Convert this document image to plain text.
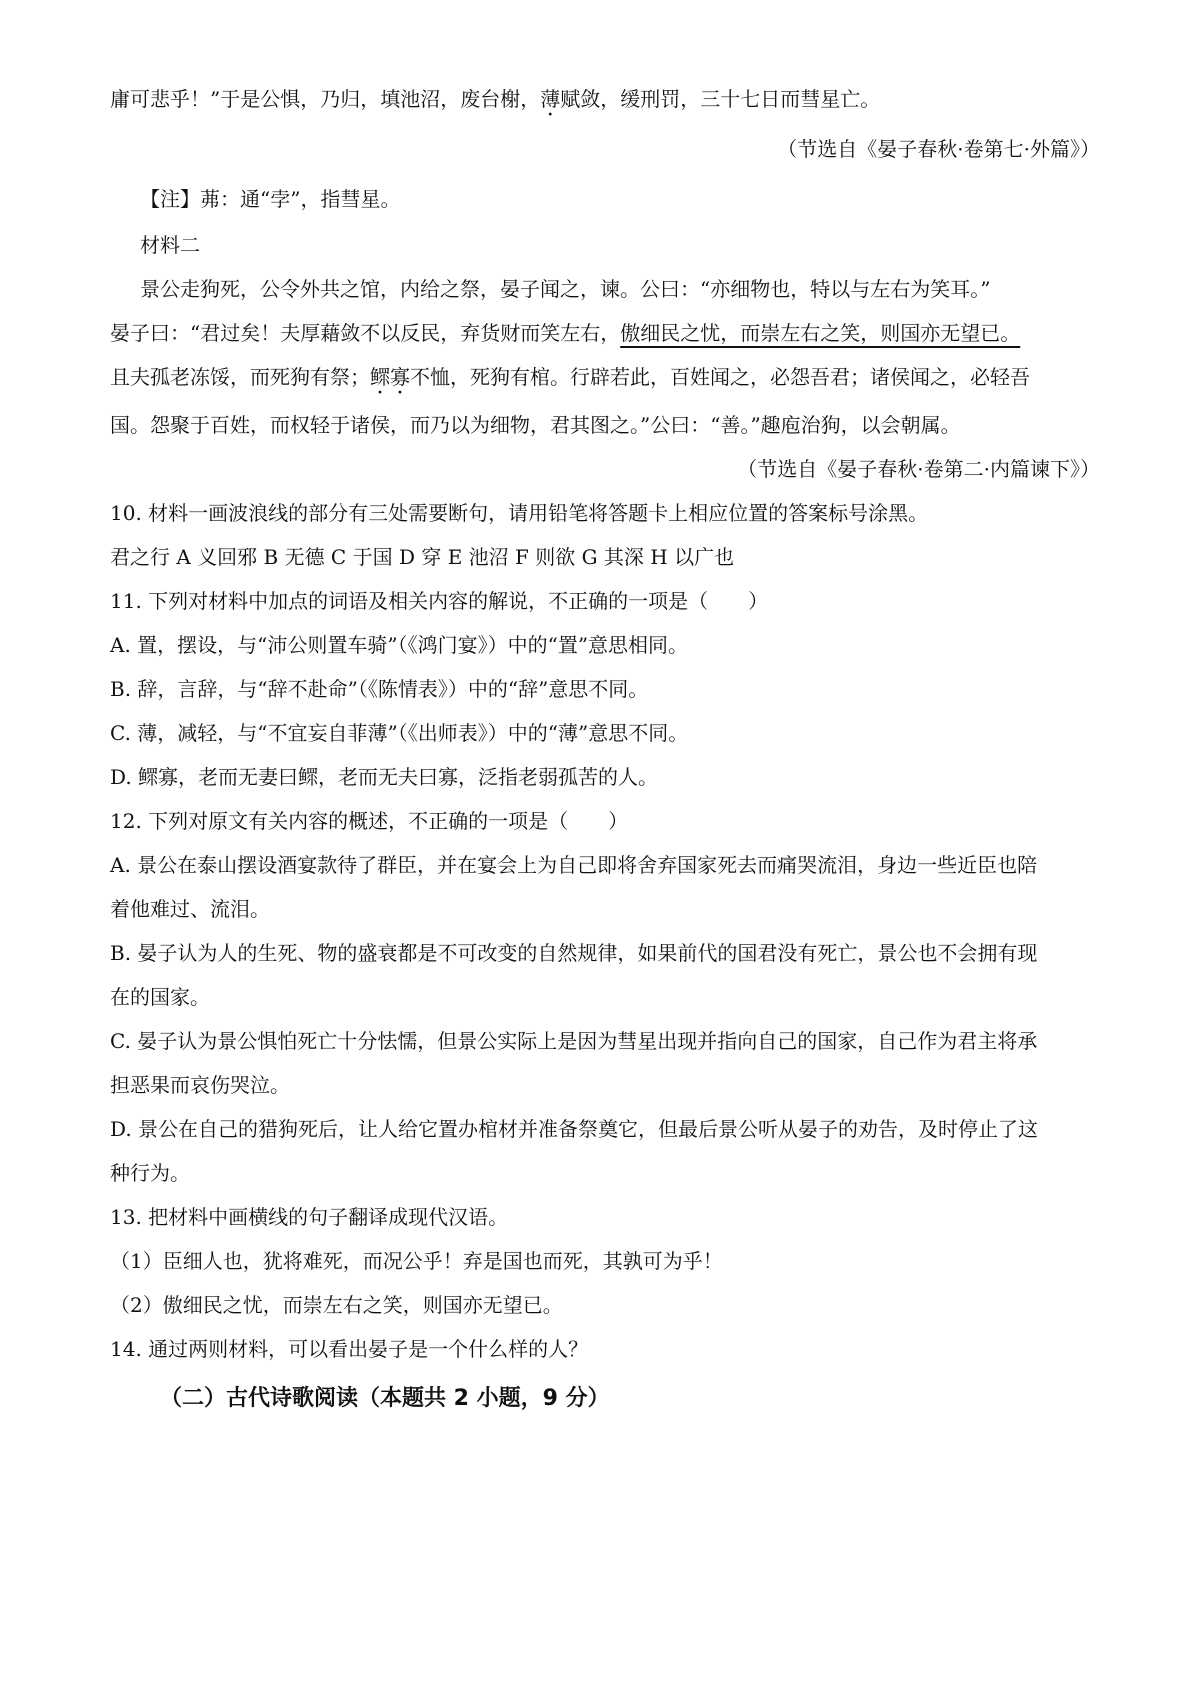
庸可悲乎！”于是公惧，乃归，填池沼，废台榭，薄赋敛，缓刑罚，三十七日而彗星亡。
（节选自《晏子春秋·卷第七·外篇》）
【注】茀：通“孛”，指彗星。
材料二
景公走狗死，公令外共之馆，内给之祭，晏子闻之，谏。公曰：“亦细物也，特以与左右为笑耳。”
晏子曰：“君过矣！夫厚藉敛不以反民，弃货财而笑左右，傲细民之忧，而崇左右之笑，则国亦无望已。
且夫孤老冻馁，而死狗有祭；鳏寡不恤，死狗有棺。行辟若此，百姓闻之，必怨吾君；诸侯闻之，必轻吾
国。怨聚于百姓，而权轻于诸侯，而乃以为细物，君其图之。”公曰：“善。”趣庖治狗，以会朝属。
（节选自《晏子春秋·卷第二·内篇谏下》）
10. 材料一画波浪线的部分有三处需要断句，请用铅笔将答题卡上相应位置的答案标号涂黑。
君之行 A 义回邪 B 无德 C 于国 D 穿 E 池沼 F 则欲 G 其深 H 以广也
11. 下列对材料中加点的词语及相关内容的解说，不正确的一项是（　　）
A. 置，摆设，与“沛公则置车骑”（《鸿门宴》）中的“置”意思相同。
B. 辞，言辞，与“辞不赴命”（《陈情表》）中的“辞”意思不同。
C. 薄，减轻，与“不宜妄自菲薄”（《出师表》）中的“薄”意思不同。
D. 鳏寡，老而无妻曰鳏，老而无夫曰寡，泛指老弱孤苦的人。
12. 下列对原文有关内容的概述，不正确的一项是（　　）
A. 景公在泰山摆设酒宴款待了群臣，并在宴会上为自己即将舍弃国家死去而痛哭流泪，身边一些近臣也陪
着他难过、流泪。
B. 晏子认为人的生死、物的盛衰都是不可改变的自然规律，如果前代的国君没有死亡，景公也不会拥有现
在的国家。
C. 晏子认为景公惧怕死亡十分怯懦，但景公实际上是因为彗星出现并指向自己的国家，自己作为君主将承
担恶果而哀伤哭泣。
D. 景公在自己的猎狗死后，让人给它置办棺材并准备祭奠它，但最后景公听从晏子的劝告，及时停止了这
种行为。
13. 把材料中画横线的句子翻译成现代汉语。
（1）臣细人也，犹将难死，而况公乎！弃是国也而死，其孰可为乎！
（2）傲细民之忧，而崇左右之笑，则国亦无望已。
14. 通过两则材料，可以看出晏子是一个什么样的人？
（二）古代诗歌阅读（本题共 2 小题，9 分）
